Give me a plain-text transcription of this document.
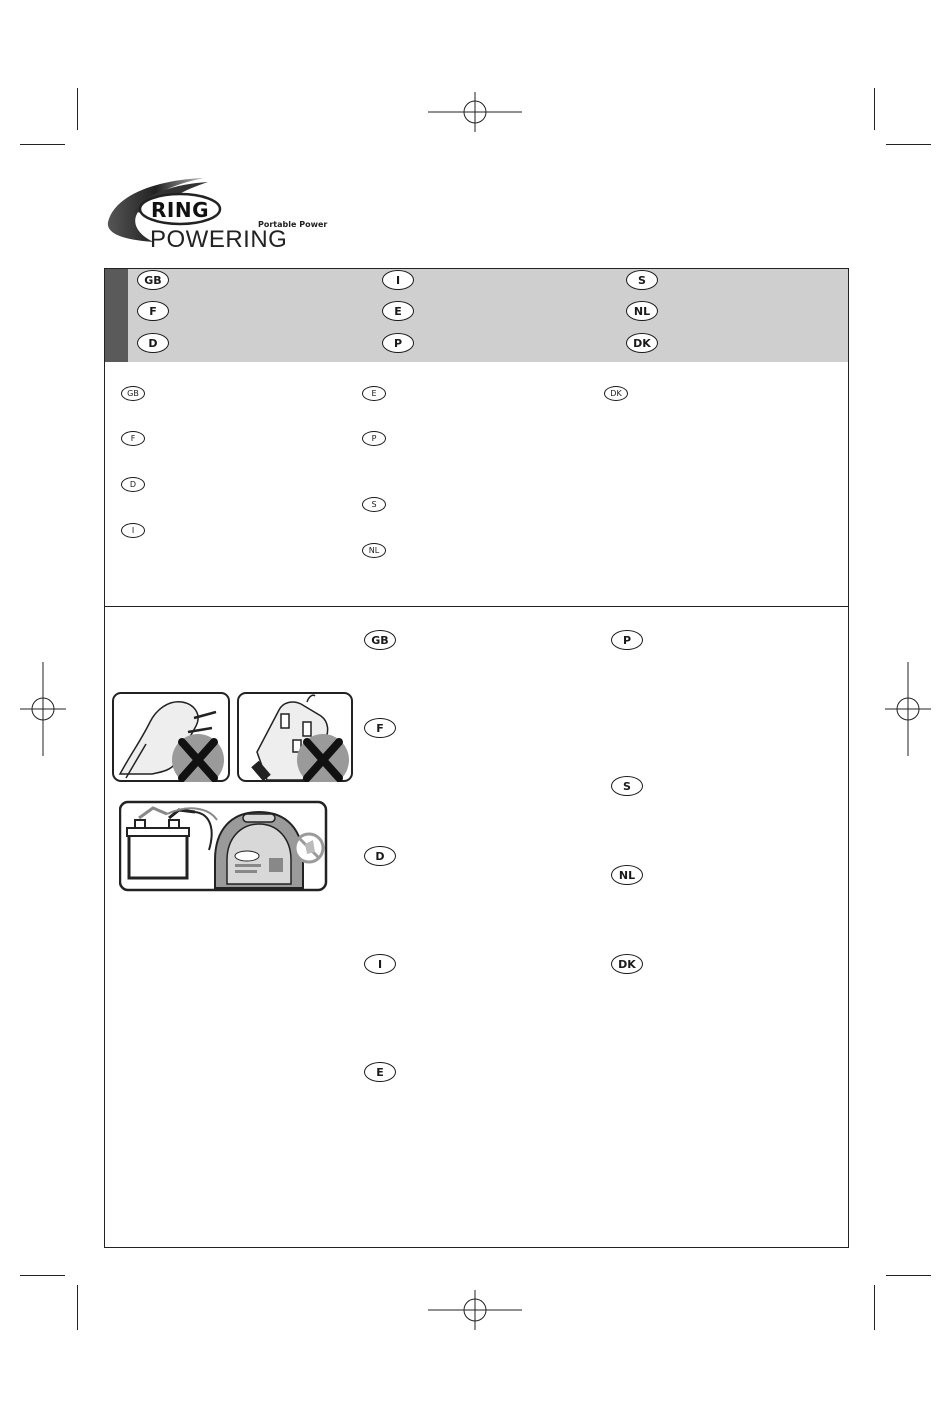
RING
Portable Power
POWERING
GB	I	S
F	E	NL
D	P	DK
GB
F
D
I
E
P
S
NL
DK
GB
F
D
I
E
P
S
NL
DK
